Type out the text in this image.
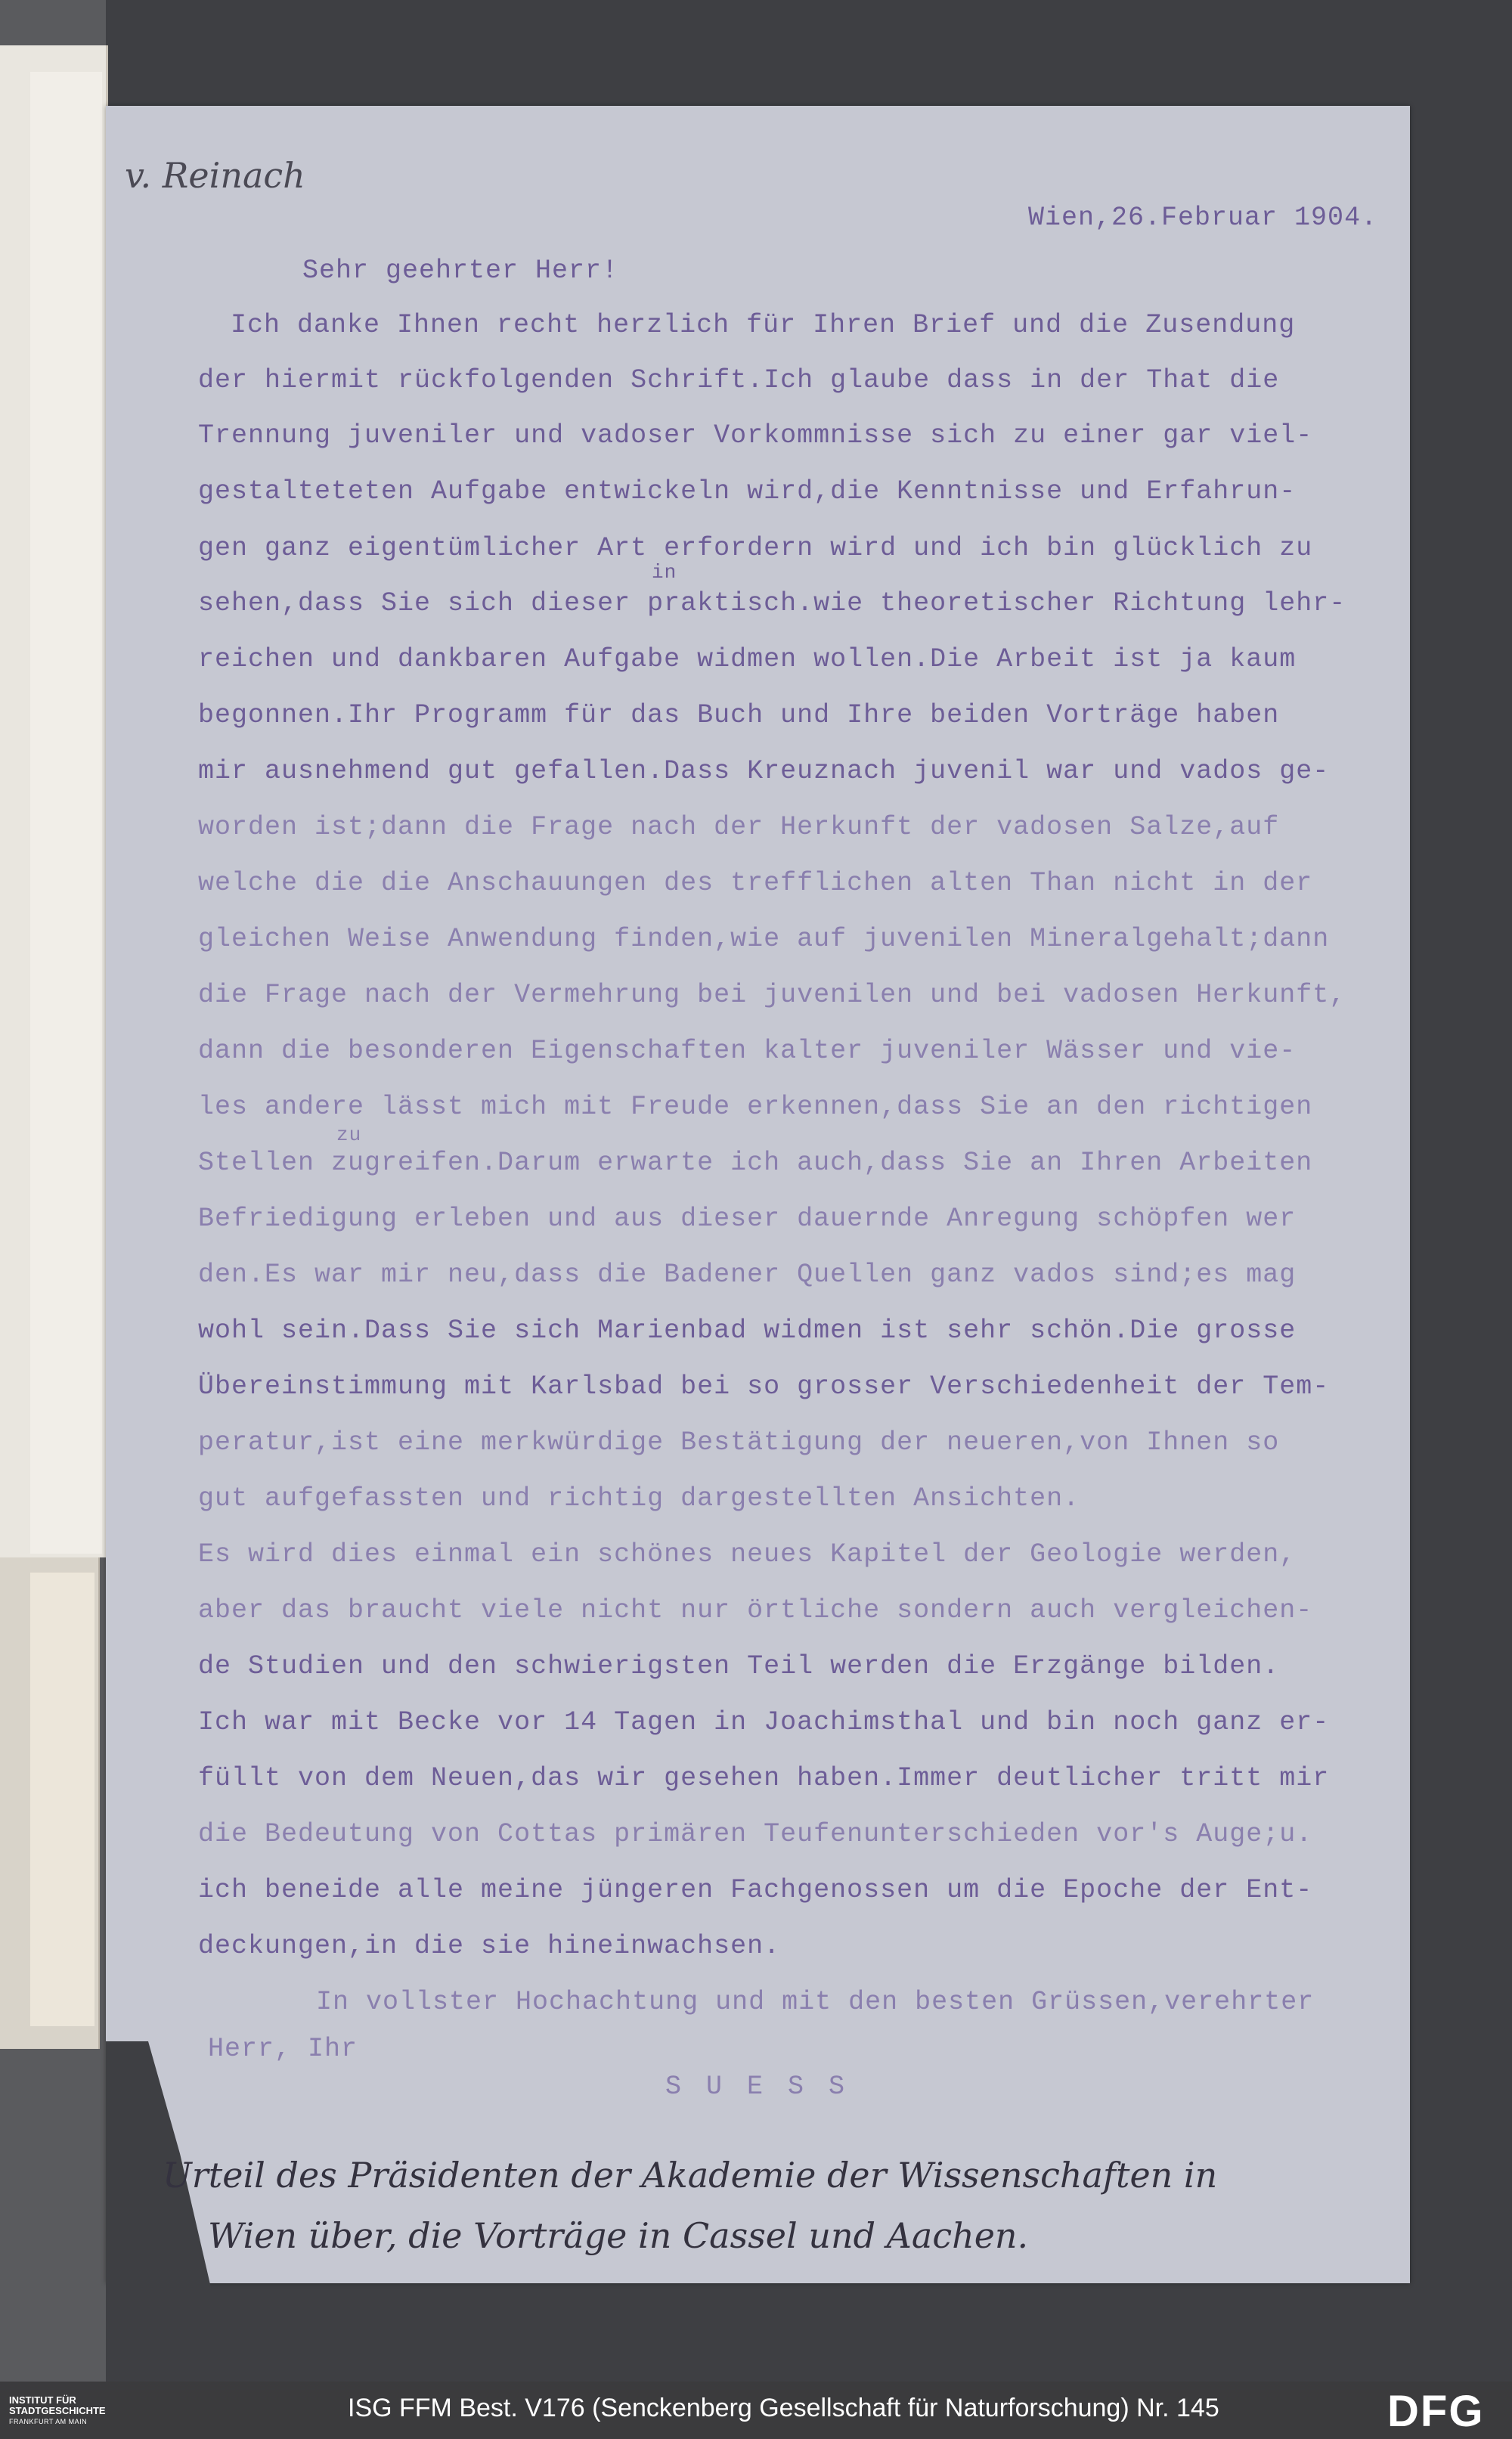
v. Reinach
Wien,26.Februar 1904.
Sehr geehrter Herr!
Ich danke Ihnen recht herzlich für Ihren Brief und die Zusendung
der hiermit rückfolgenden Schrift.Ich glaube dass in der That die
Trennung juveniler und vadoser Vorkommnisse sich zu einer gar viel-
gestalteteten Aufgabe entwickeln wird,die Kenntnisse und Erfahrun-
gen ganz eigentümlicher Art erfordern wird und ich bin glücklich zu
in
sehen,dass Sie sich dieser praktisch.wie theoretischer Richtung lehr-
reichen und dankbaren Aufgabe widmen wollen.Die Arbeit ist ja kaum
begonnen.Ihr Programm für das Buch und Ihre beiden Vorträge haben
mir ausnehmend gut gefallen.Dass Kreuznach juvenil war und vados ge-
worden ist;dann die Frage nach der Herkunft der vadosen Salze,auf
welche die die Anschauungen des trefflichen alten Than nicht in der
gleichen Weise Anwendung finden,wie auf juvenilen Mineralgehalt;dann
die Frage nach der Vermehrung bei juvenilen und bei vadosen Herkunft,
dann die besonderen Eigenschaften kalter juveniler Wässer und vie-
les andere lässt mich mit Freude erkennen,dass Sie an den richtigen
zu
Stellen zugreifen.Darum erwarte ich auch,dass Sie an Ihren Arbeiten
Befriedigung erleben und aus dieser dauernde Anregung schöpfen wer
den.Es war mir neu,dass die Badener Quellen ganz vados sind;es mag
wohl sein.Dass Sie sich Marienbad widmen ist sehr schön.Die grosse
Übereinstimmung mit Karlsbad bei so grosser Verschiedenheit der Tem-
peratur,ist eine merkwürdige Bestätigung der neueren,von Ihnen so
gut aufgefassten und richtig dargestellten Ansichten.
Es wird dies einmal ein schönes neues Kapitel der Geologie werden,
aber das braucht viele nicht nur örtliche sondern auch vergleichen-
de Studien und den schwierigsten Teil werden die Erzgänge bilden.
Ich war mit Becke vor 14 Tagen in Joachimsthal und bin noch ganz er-
füllt von dem Neuen,das wir gesehen haben.Immer deutlicher tritt mir
die Bedeutung von Cottas primären Teufenunterschieden vor's Auge;u.
ich beneide alle meine jüngeren Fachgenossen um die Epoche der Ent-
deckungen,in die sie hineinwachsen.
In vollster Hochachtung und mit den besten Grüssen,verehrter
Herr, Ihr
S U E S S
Urteil des Präsidenten der Akademie der Wissenschaften in
Wien über, die Vorträge in Cassel und Aachen.
INSTITUT FÜR
STADTGESCHICHTE
FRANKFURT AM MAIN	ISG FFM Best. V176 (Senckenberg Gesellschaft für Naturforschung) Nr. 145	DFG
